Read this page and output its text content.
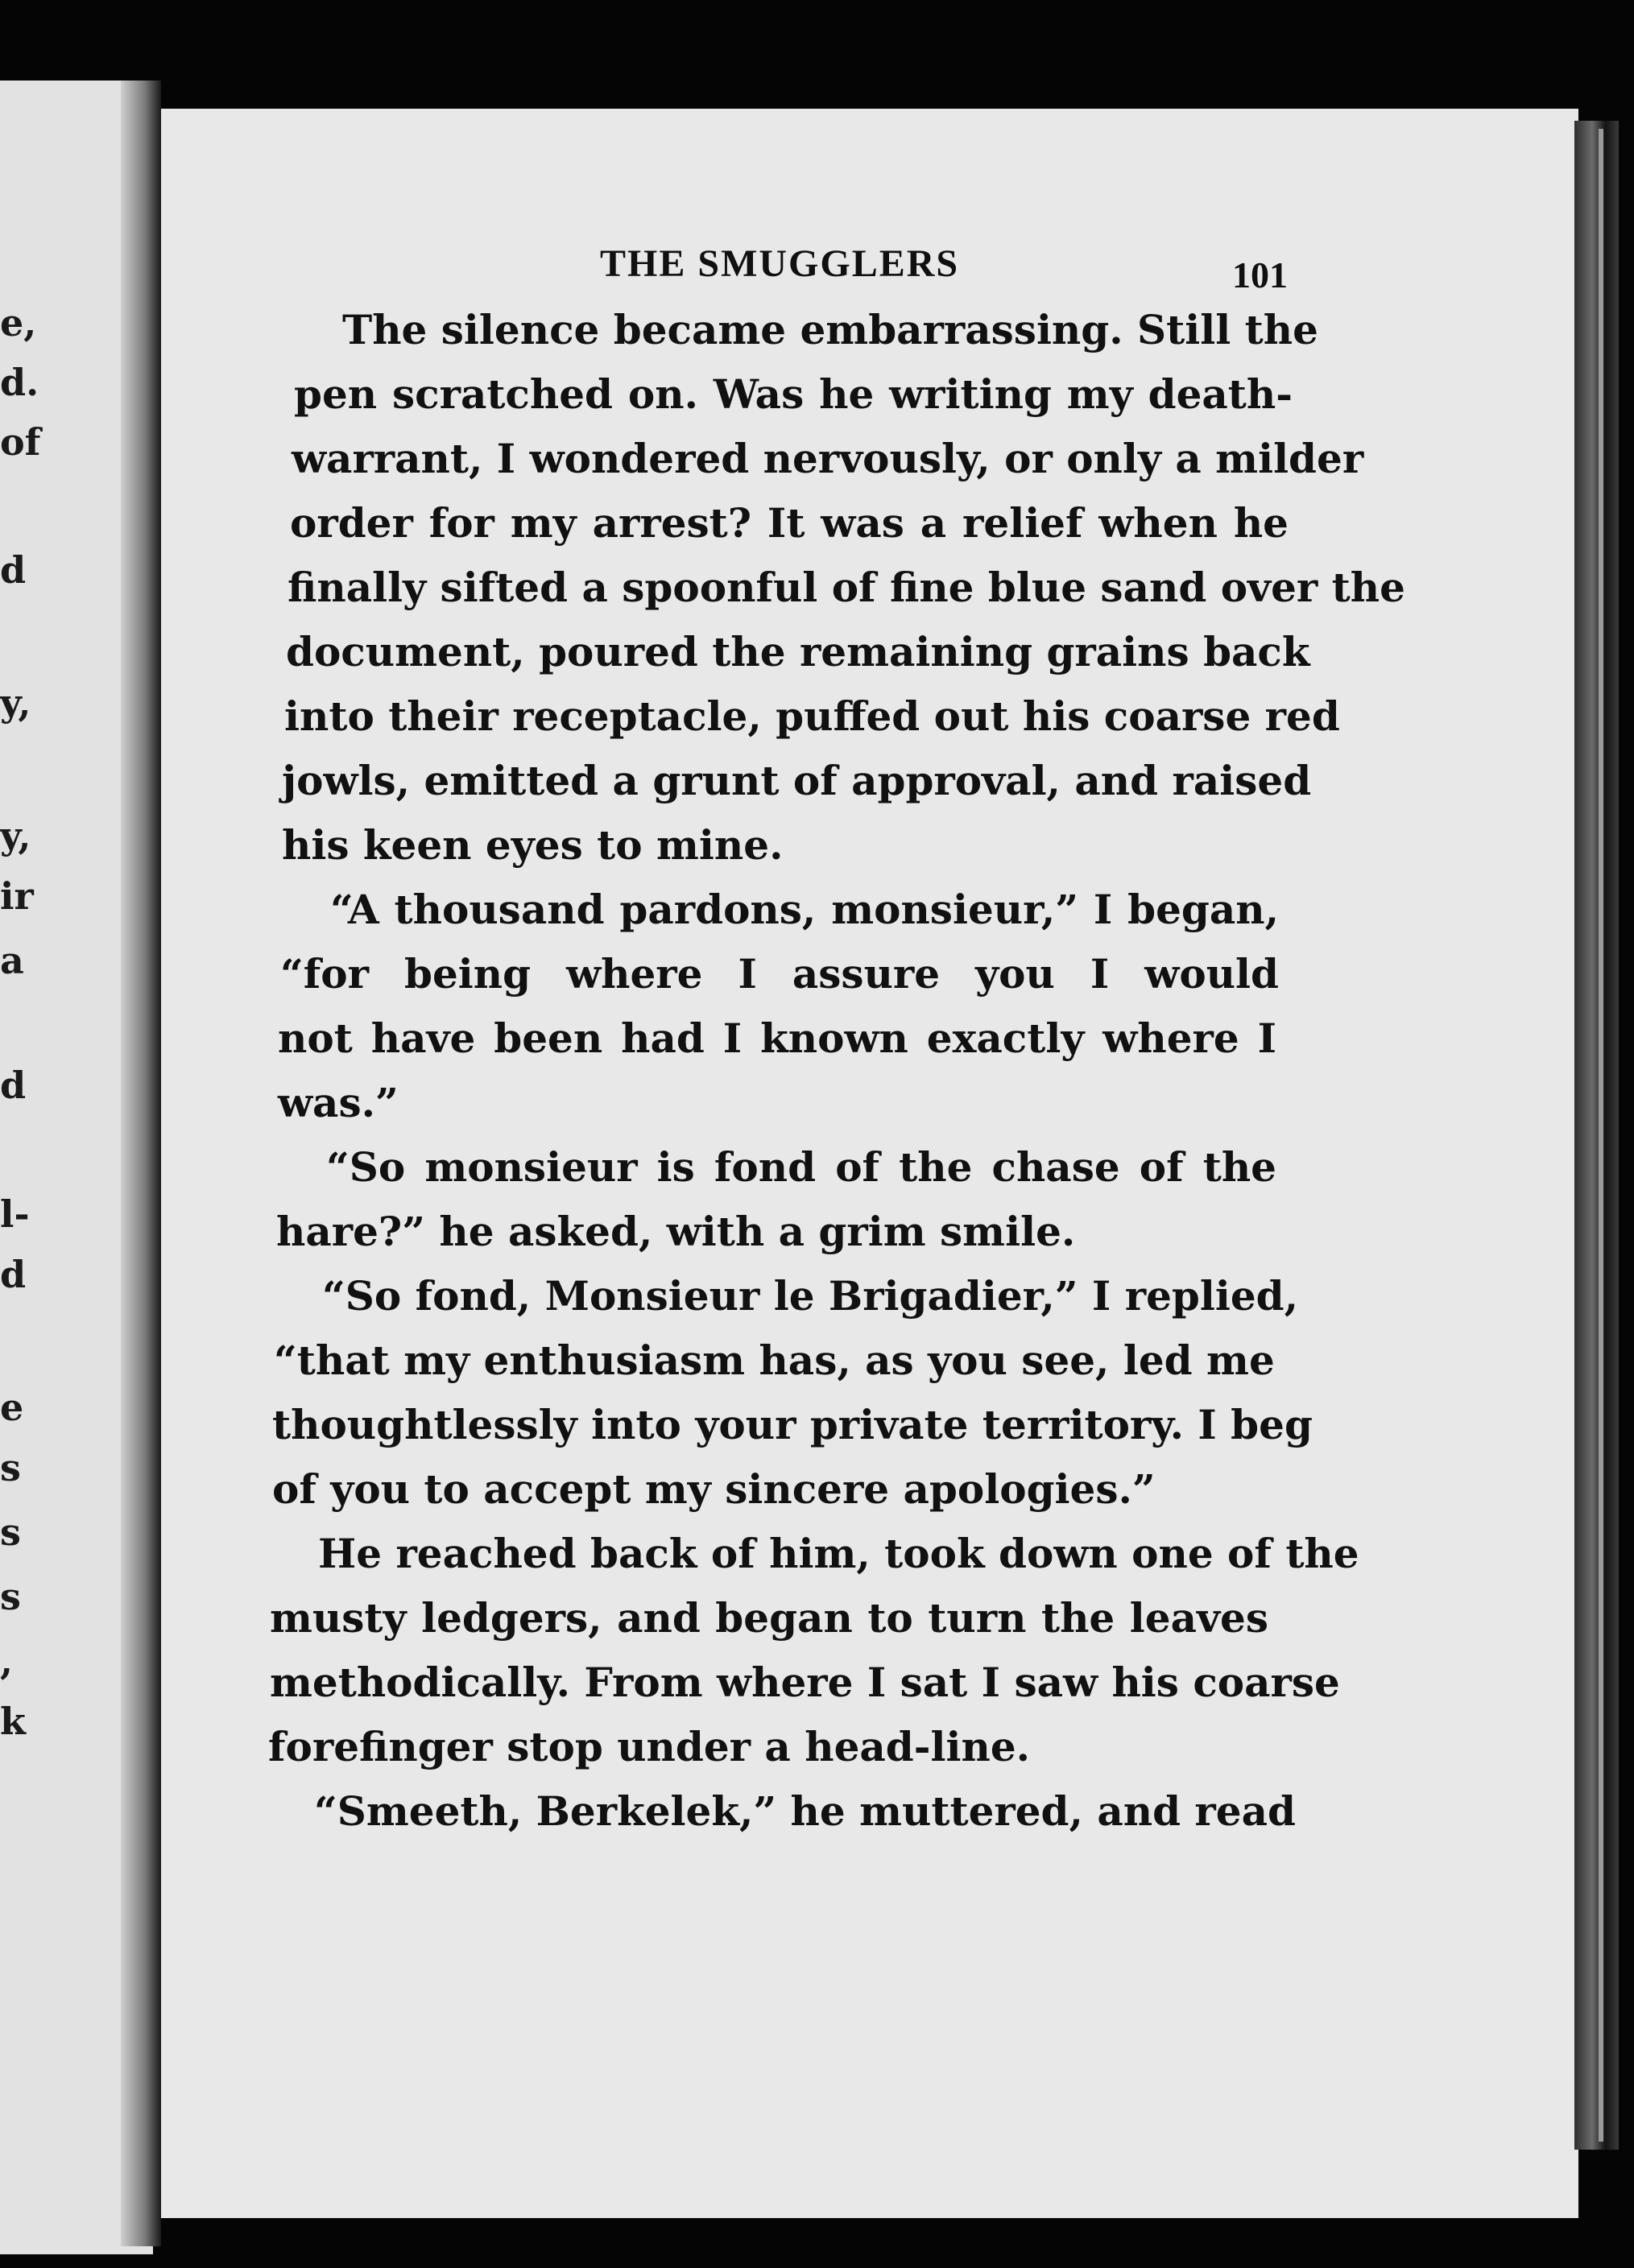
e,
d.
of
d
y,
y,
ir
a
d
l-
d
e
s
s
s
,
k
THE SMUGGLERS	101
The silence became embarrassing. Still the
pen scratched on. Was he writing my death-
warrant, I wondered nervously, or only a milder
order for my arrest? It was a relief when he
finally sifted a spoonful of fine blue sand over the
document, poured the remaining grains back
into their receptacle, puffed out his coarse red
jowls, emitted a grunt of approval, and raised
his keen eyes to mine.
“A thousand pardons, monsieur,” I began,
“for being where I assure you I would
not have been had I known exactly where I
was.”
“So monsieur is fond of the chase of the
hare?” he asked, with a grim smile.
“So fond, Monsieur le Brigadier,” I replied,
“that my enthusiasm has, as you see, led me
thoughtlessly into your private territory. I beg
of you to accept my sincere apologies.”
He reached back of him, took down one of the
musty ledgers, and began to turn the leaves
methodically. From where I sat I saw his coarse
forefinger stop under a head-line.
“Smeeth, Berkelek,” he muttered, and read
